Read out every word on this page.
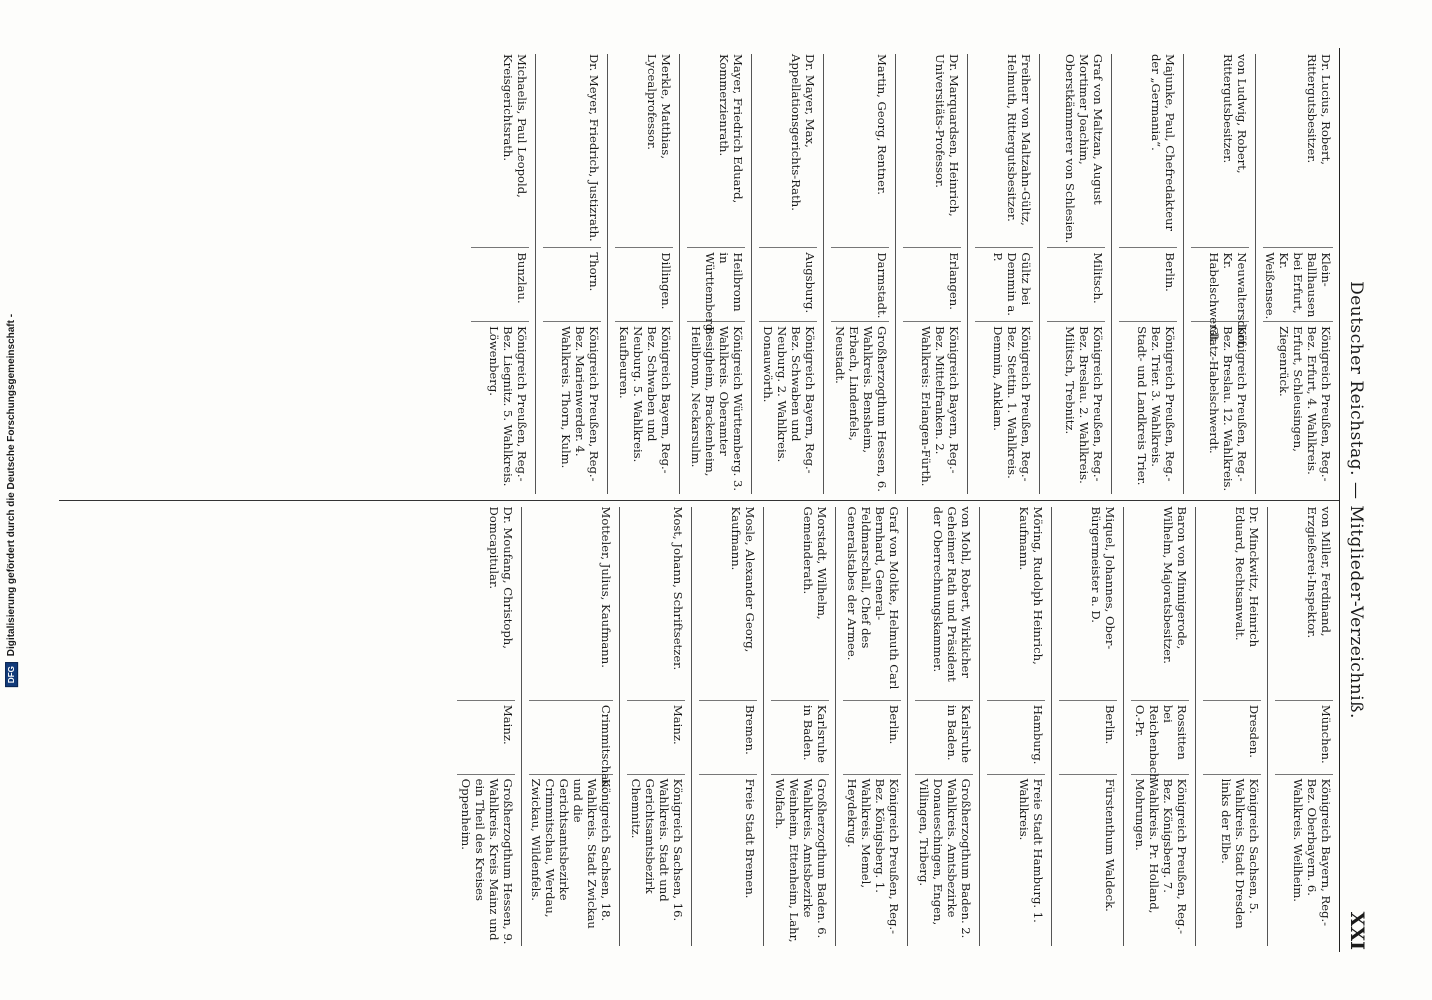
DFG
Digitalisierung gefördert durch die Deutsche Forschungsgemeinschaft -	Deutscher Reichstag. — Mitglieder-Verzeichniß.
XXI
Dr. Lucius, Robert, Rittergutsbesitzer.
Klein-Ballhausen bei Erfurt, Kr. Weißensee.
Königreich Preußen, Reg.-Bez. Erfurt, 4. Wahlkreis. Erfurt, Schleusingen, Ziegenrück.
von Ludwig, Robert, Rittergutsbesitzer.
Neuwaltersdorf, Kr. Habelschwerdt.
Königreich Preußen, Reg.-Bez. Breslau. 12. Wahlkreis. Glatz-Habelschwerdt.
Majunke, Paul, Chefredakteur der „Germania“.
Berlin.
Königreich Preußen, Reg.-Bez. Trier. 3. Wahlkreis. Stadt- und Landkreis Trier.
Graf von Maltzan, August Mortimer Joachim, Oberstkämmerer von Schlesien.
Militsch.
Königreich Preußen, Reg.-Bez. Breslau. 2. Wahlkreis. Militsch, Trebnitz.
Freiherr von Maltzahn-Gültz, Helmuth, Rittergutsbesitzer.
Gültz bei Demmin a. P.
Königreich Preußen, Reg.-Bez. Stettin. 1. Wahlkreis. Demmin, Anklam.
Dr. Marquardsen, Heinrich, Universitäts-Professor.
Erlangen.
Königreich Bayern, Reg.-Bez. Mittelfranken. 2. Wahlkreis: Erlangen-Fürth.
Martin, Georg, Rentner.
Darmstadt.
Großherzogthum Hessen, 6. Wahlkreis. Bensheim, Erbach, Lindenfels, Neustadt.
Dr. Mayer, Max, Appellationsgerichts-Rath.
Augsburg.
Königreich Bayern, Reg.-Bez. Schwaben und Neuburg. 2. Wahlkreis. Donauwörth.
Mayer, Friedrich Eduard, Kommerzienrath.
Heilbronn in Württemberg.
Königreich Württemberg. 3. Wahlkreis. Oberamter Besigheim, Brackenheim, Heilbronn, Neckarsulm.
Merkle, Matthias, Lycealprofessor.
Dillingen.
Königreich Bayern, Reg.-Bez. Schwaben und Neuburg. 5. Wahlkreis. Kaufbeuren.
Dr. Meyer, Friedrich, Justizrath.
Thorn.
Königreich Preußen, Reg.-Bez. Marienwerder. 4. Wahlkreis. Thorn, Kulm.
Michaelis, Paul Leopold, Kreisgerichtsrath.
Bunzlau.
Königreich Preußen, Reg.-Bez. Liegnitz. 5. Wahlkreis. Löwenberg.
von Miller, Ferdinand, Erzgießerei-Inspektor.
München.
Königreich Bayern, Reg.-Bez. Oberbayern. 6. Wahlkreis. Weilheim.
Dr. Minckwitz, Heinrich Eduard, Rechtsanwalt.
Dresden.
Königreich Sachsen, 5. Wahlkreis. Stadt Dresden links der Elbe.
Baron von Minnigerode, Wilhelm, Majoratsbesitzer.
Rossitten bei Reichenbach O.-Pr.
Königreich Preußen, Reg.-Bez. Königsberg. 7. Wahlkreis. Pr. Holland, Mohrungen.
Miquel, Johannes, Ober-Bürgermeister a. D.
Berlin.
Fürstenthum Waldeck.
Möring, Rudolph Heinrich, Kaufmann.
Hamburg.
Freie Stadt Hamburg. 1. Wahlkreis.
von Mohl, Robert, Wirklicher Geheimer Rath und Präsident der Oberrechnungskammer.
Karlsruhe in Baden.
Großherzogthum Baden. 2. Wahlkreis. Amtsbezirke Donaueschingen, Engen, Villingen, Triberg.
Graf von Moltke, Helmuth Carl Bernhard, General-Feldmarschall, Chef des Generalstabes der Armee.
Berlin.
Königreich Preußen, Reg.-Bez. Königsberg. 1. Wahlkreis. Memel, Heydekrug.
Morstadt, Wilhelm, Gemeinderath.
Karlsruhe in Baden.
Großherzogthum Baden. 6. Wahlkreis. Amtsbezirke Weinheim, Ettenheim, Lahr, Wolfach.
Mosle, Alexander Georg, Kaufmann.
Bremen.
Freie Stadt Bremen.
Most, Johann, Schriftsetzer.
Mainz.
Königreich Sachsen, 16. Wahlkreis. Stadt und Gerichtsamtsbezirk Chemnitz.
Motteler, Julius, Kaufmann.
Crimmitschau.
Königreich Sachsen, 18. Wahlkreis. Stadt Zwickau und die Gerichtsamtsbezirke Crimmitschau, Werdau, Zwickau, Wildenfels.
Dr. Moufang, Christoph, Domcapitular.
Mainz.
Großherzogthum Hessen, 9. Wahlkreis. Kreis Mainz und ein Theil des Kreises Oppenheim.
